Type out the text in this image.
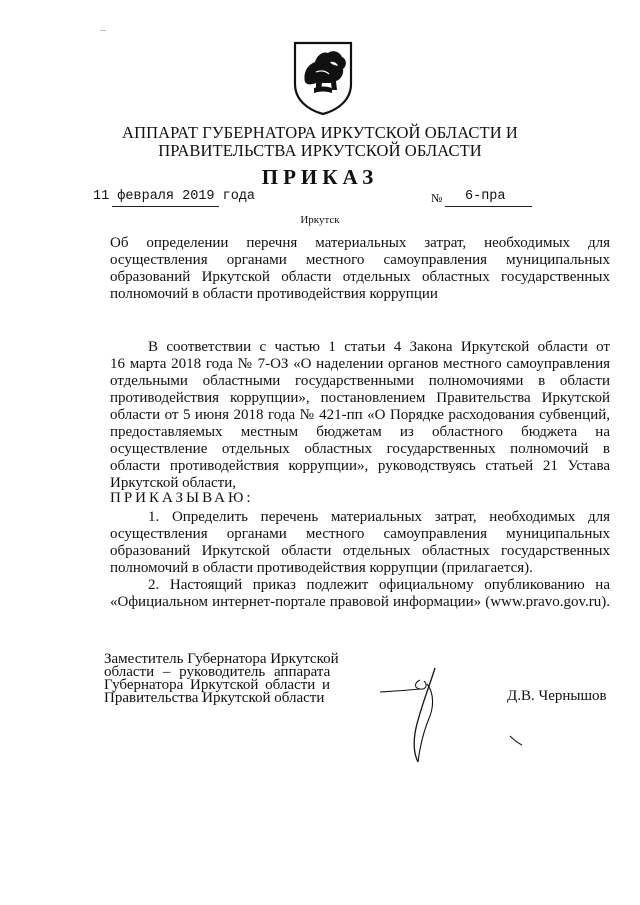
АППАРАТ ГУБЕРНАТОРА ИРКУТСКОЙ ОБЛАСТИ И
ПРАВИТЕЛЬСТВА ИРКУТСКОЙ ОБЛАСТИ
ПРИКАЗ
11 февраля 2019 года	№ 6-пра
Иркутск
Об определении перечня материальных затрат, необходимых для
осуществления органами местного самоуправления муниципальных
образований Иркутской области отдельных областных государственных
полномочий в области противодействия коррупции
В соответствии с частью 1 статьи 4 Закона Иркутской области от
16 марта 2018 года № 7-ОЗ «О наделении органов местного самоуправления
отдельными областными государственными полномочиями в области
противодействия коррупции», постановлением Правительства Иркутской
области от 5 июня 2018 года № 421-пп «О Порядке расходования субвенций,
предоставляемых местным бюджетам из областного бюджета на
осуществление отдельных областных государственных полномочий в
области противодействия коррупции», руководствуясь статьей 21 Устава
Иркутской области,
ПРИКАЗЫВАЮ:
1. Определить перечень материальных затрат, необходимых для
осуществления органами местного самоуправления муниципальных
образований Иркутской области отдельных областных государственных
полномочий в области противодействия коррупции (прилагается).
2. Настоящий приказ подлежит официальному опубликованию на
«Официальном интернет-портале правовой информации» (www.pravo.gov.ru).
Заместитель Губернатора Иркутской
области – руководитель аппарата
Губернатора Иркутской области и
Правительства Иркутской области	Д.В. Чернышов
